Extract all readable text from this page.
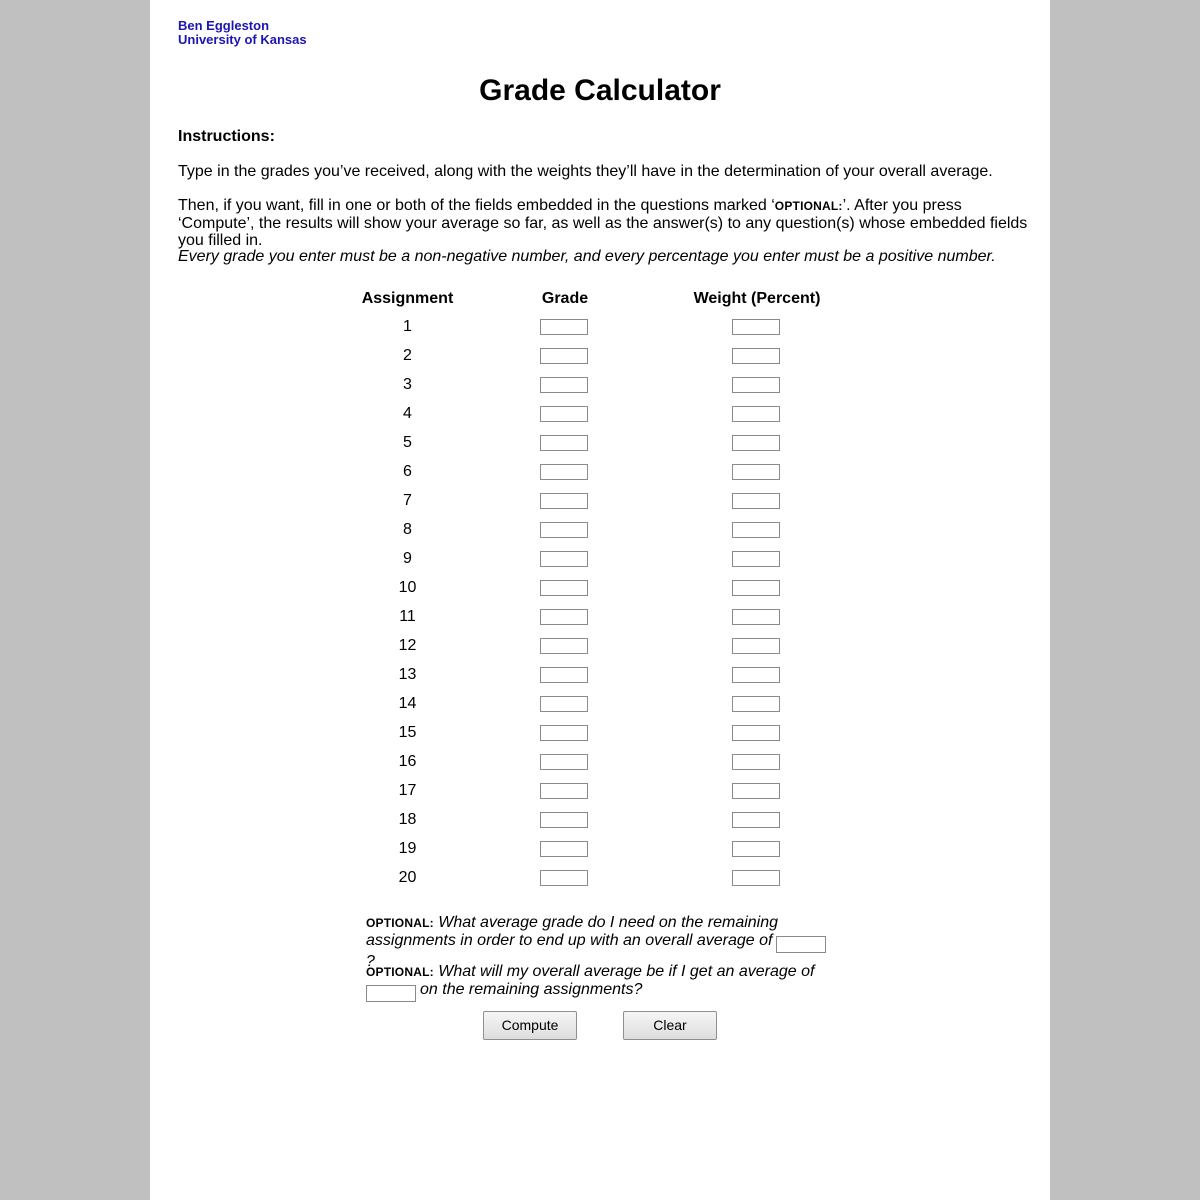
Ben Eggleston
University of Kansas
Grade Calculator
Instructions:
Type in the grades you’ve received, along with the weights they’ll have in the determination of your overall average.
Then, if you want, fill in one or both of the fields embedded in the questions marked ‘OPTIONAL:’. After you press ‘Compute’, the results will show your average so far, as well as the answer(s) to any question(s) whose embedded fields you filled in.
Every grade you enter must be a non-negative number, and every percentage you enter must be a positive number.
Assignment	Grade	Weight (Percent)
1
2
3
4
5
6
7
8
9
10
11
12
13
14
15
16
17
18
19
20
OPTIONAL: What average grade do I need on the remaining assignments in order to end up with an overall average of?
OPTIONAL: What will my overall average be if I get an average of
on the remaining assignments?
Compute	Clear
